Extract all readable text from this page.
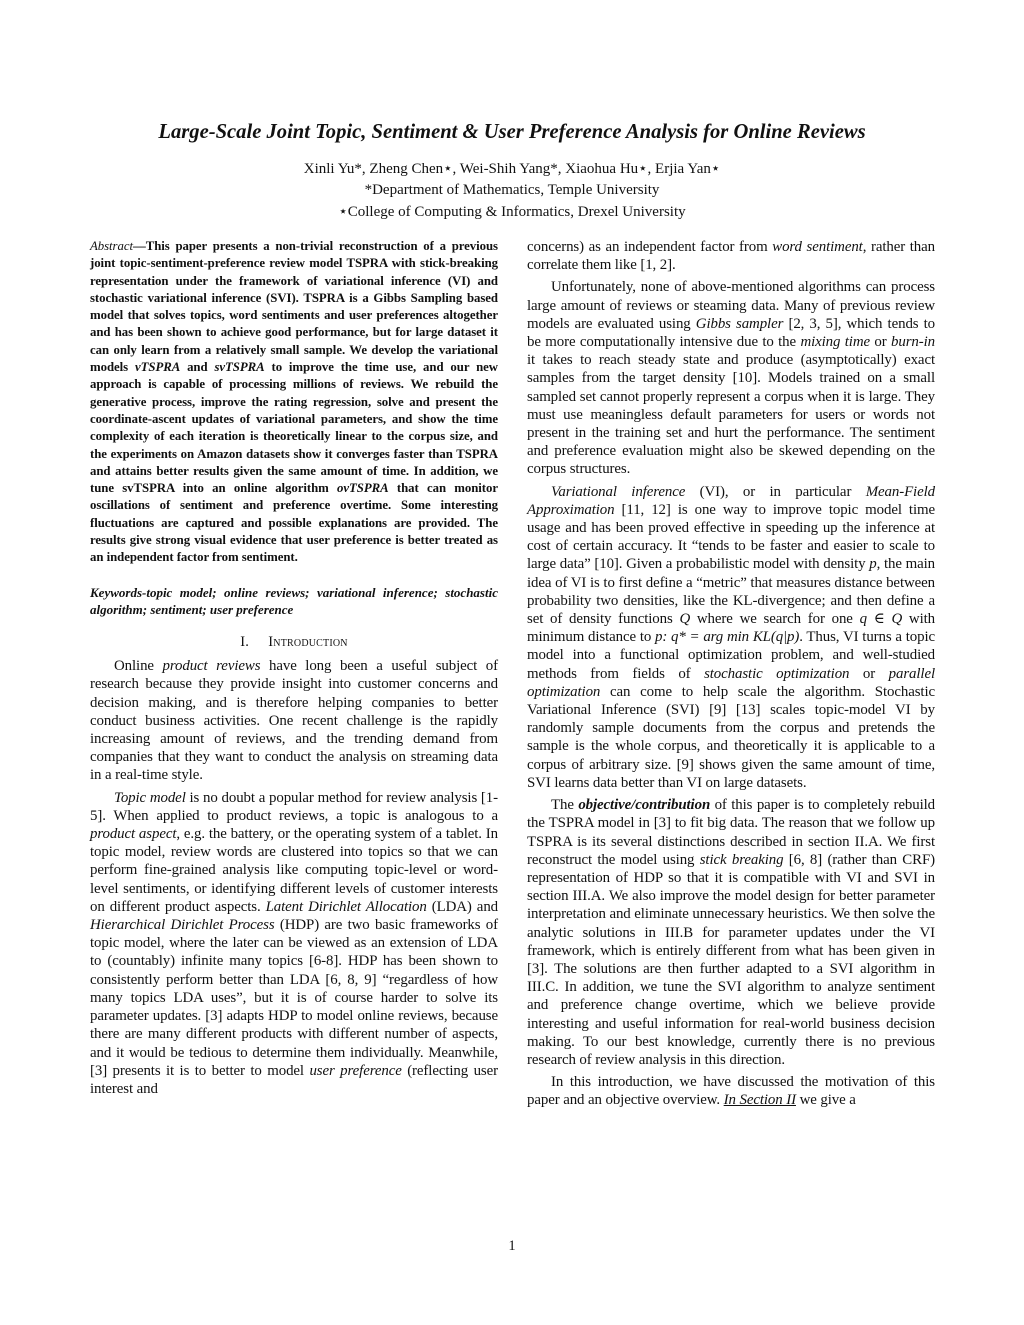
Large-Scale Joint Topic, Sentiment & User Preference Analysis for Online Reviews
Xinli Yu*, Zheng Chen⋆, Wei-Shih Yang*, Xiaohua Hu⋆, Erjia Yan⋆
*Department of Mathematics, Temple University
⋆College of Computing & Informatics, Drexel University

Abstract—This paper presents a non-trivial reconstruction of a previous joint topic-sentiment-preference review model TSPRA with stick-breaking representation under the framework of variational inference (VI) and stochastic variational inference (SVI). TSPRA is a Gibbs Sampling based model that solves topics, word sentiments and user preferences altogether and has been shown to achieve good performance, but for large dataset it can only learn from a relatively small sample. We develop the variational models vTSPRA and svTSPRA to improve the time use, and our new approach is capable of processing millions of reviews. We rebuild the generative process, improve the rating regression, solve and present the coordinate-ascent updates of variational parameters, and show the time complexity of each iteration is theoretically linear to the corpus size, and the experiments on Amazon datasets show it converges faster than TSPRA and attains better results given the same amount of time. In addition, we tune svTSPRA into an online algorithm ovTSPRA that can monitor oscillations of sentiment and preference overtime. Some interesting fluctuations are captured and possible explanations are provided. The results give strong visual evidence that user preference is better treated as an independent factor from sentiment.

Keywords-topic model; online reviews; variational inference; stochastic algorithm; sentiment; user preference

I. Introduction

Online product reviews have long been a useful subject of research because they provide insight into customer concerns and decision making, and is therefore helping companies to better conduct business activities. One recent challenge is the rapidly increasing amount of reviews, and the trending demand from companies that they want to conduct the analysis on streaming data in a real-time style.

Topic model is no doubt a popular method for review analysis [1-5]. When applied to product reviews, a topic is analogous to a product aspect, e.g. the battery, or the operating system of a tablet. In topic model, review words are clustered into topics so that we can perform fine-grained analysis like computing topic-level or word-level sentiments, or identifying different levels of customer interests on different product aspects. Latent Dirichlet Allocation (LDA) and Hierarchical Dirichlet Process (HDP) are two basic frameworks of topic model, where the later can be viewed as an extension of LDA to (countably) infinite many topics [6-8]. HDP has been shown to consistently perform better than LDA [6, 8, 9] “regardless of how many topics LDA uses”, but it is of course harder to solve its parameter updates. [3] adapts HDP to model online reviews, because there are many different products with different number of aspects, and it would be tedious to determine them individually. Meanwhile, [3] presents it is to better to model user preference (reflecting user interest and

concerns) as an independent factor from word sentiment, rather than correlate them like [1, 2].

Unfortunately, none of above-mentioned algorithms can process large amount of reviews or steaming data. Many of previous review models are evaluated using Gibbs sampler [2, 3, 5], which tends to be more computationally intensive due to the mixing time or burn-in it takes to reach steady state and produce (asymptotically) exact samples from the target density [10]. Models trained on a small sampled set cannot properly represent a corpus when it is large. They must use meaningless default parameters for users or words not present in the training set and hurt the performance. The sentiment and preference evaluation might also be skewed depending on the corpus structures.

Variational inference (VI), or in particular Mean-Field Approximation [11, 12] is one way to improve topic model time usage and has been proved effective in speeding up the inference at cost of certain accuracy. It “tends to be faster and easier to scale to large data” [10]. Given a probabilistic model with density p, the main idea of VI is to first define a “metric” that measures distance between probability two densities, like the KL-divergence; and then define a set of density functions Q where we search for one q ∈ Q with minimum distance to p: q* = arg min KL(q|p). Thus, VI turns a topic model into a functional optimization problem, and well-studied methods from fields of stochastic optimization or parallel optimization can come to help scale the algorithm. Stochastic Variational Inference (SVI) [9] [13] scales topic-model VI by randomly sample documents from the corpus and pretends the sample is the whole corpus, and theoretically it is applicable to a corpus of arbitrary size. [9] shows given the same amount of time, SVI learns data better than VI on large datasets.

The objective/contribution of this paper is to completely rebuild the TSPRA model in [3] to fit big data. The reason that we follow up TSPRA is its several distinctions described in section II.A. We first reconstruct the model using stick breaking [6, 8] (rather than CRF) representation of HDP so that it is compatible with VI and SVI in section III.A. We also improve the model design for better parameter interpretation and eliminate unnecessary heuristics. We then solve the analytic solutions in III.B for parameter updates under the VI framework, which is entirely different from what has been given in [3]. The solutions are then further adapted to a SVI algorithm in III.C. In addition, we tune the SVI algorithm to analyze sentiment and preference change overtime, which we believe provide interesting and useful information for real-world business decision making. To our best knowledge, currently there is no previous research of review analysis in this direction.

In this introduction, we have discussed the motivation of this paper and an objective overview. In Section II we give a

1
